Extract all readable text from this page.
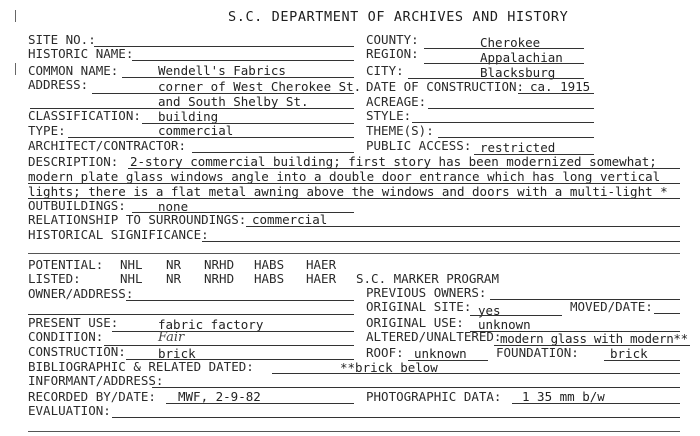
S.C. DEPARTMENT OF ARCHIVES AND HISTORY
SITE NO.:
HISTORIC NAME:
COMMON NAME:	Wendell's Fabrics
ADDRESS:	corner of West Cherokee St.
and South Shelby St.
CLASSIFICATION: building
TYPE:	commercial
ARCHITECT/CONTRACTOR:
COUNTY:	Cherokee
REGION:	Appalachian
CITY:	Blacksburg
DATE OF CONSTRUCTION: ca. 1915
ACREAGE:
STYLE:
THEME(S):
PUBLIC ACCESS: restricted
DESCRIPTION: 2-story commercial building; first story has been modernized somewhat;
modern plate glass windows angle into a double door entrance which has long vertical
lights; there is a flat metal awning above the windows and doors with a multi-light *
OUTBUILDINGS:	none
RELATIONSHIP TO SURROUNDINGS: commercial
HISTORICAL SIGNIFICANCE:
POTENTIAL: NHL NR NRHD HABS HAER
LISTED:	NHL NR NRHD HABS HAER S.C. MARKER PROGRAM
OWNER/ADDRESS:	PREVIOUS OWNERS:
ORIGINAL SITE: yes	MOVED/DATE:
PRESENT USE:	fabric factory	ORIGINAL USE: unknown
CONDITION:	Fair	ALTERED/UNALTERED:
modern glass with modern**
CONSTRUCTION:	brick	ROOF: unknown FOUNDATION: brick
BIBLIOGRAPHIC & RELATED DATED:	**brick below
INFORMANT/ADDRESS:
RECORDED BY/DATE: MWF, 2-9-82	PHOTOGRAPHIC DATA: 1 35 mm b/w
EVALUATION:
